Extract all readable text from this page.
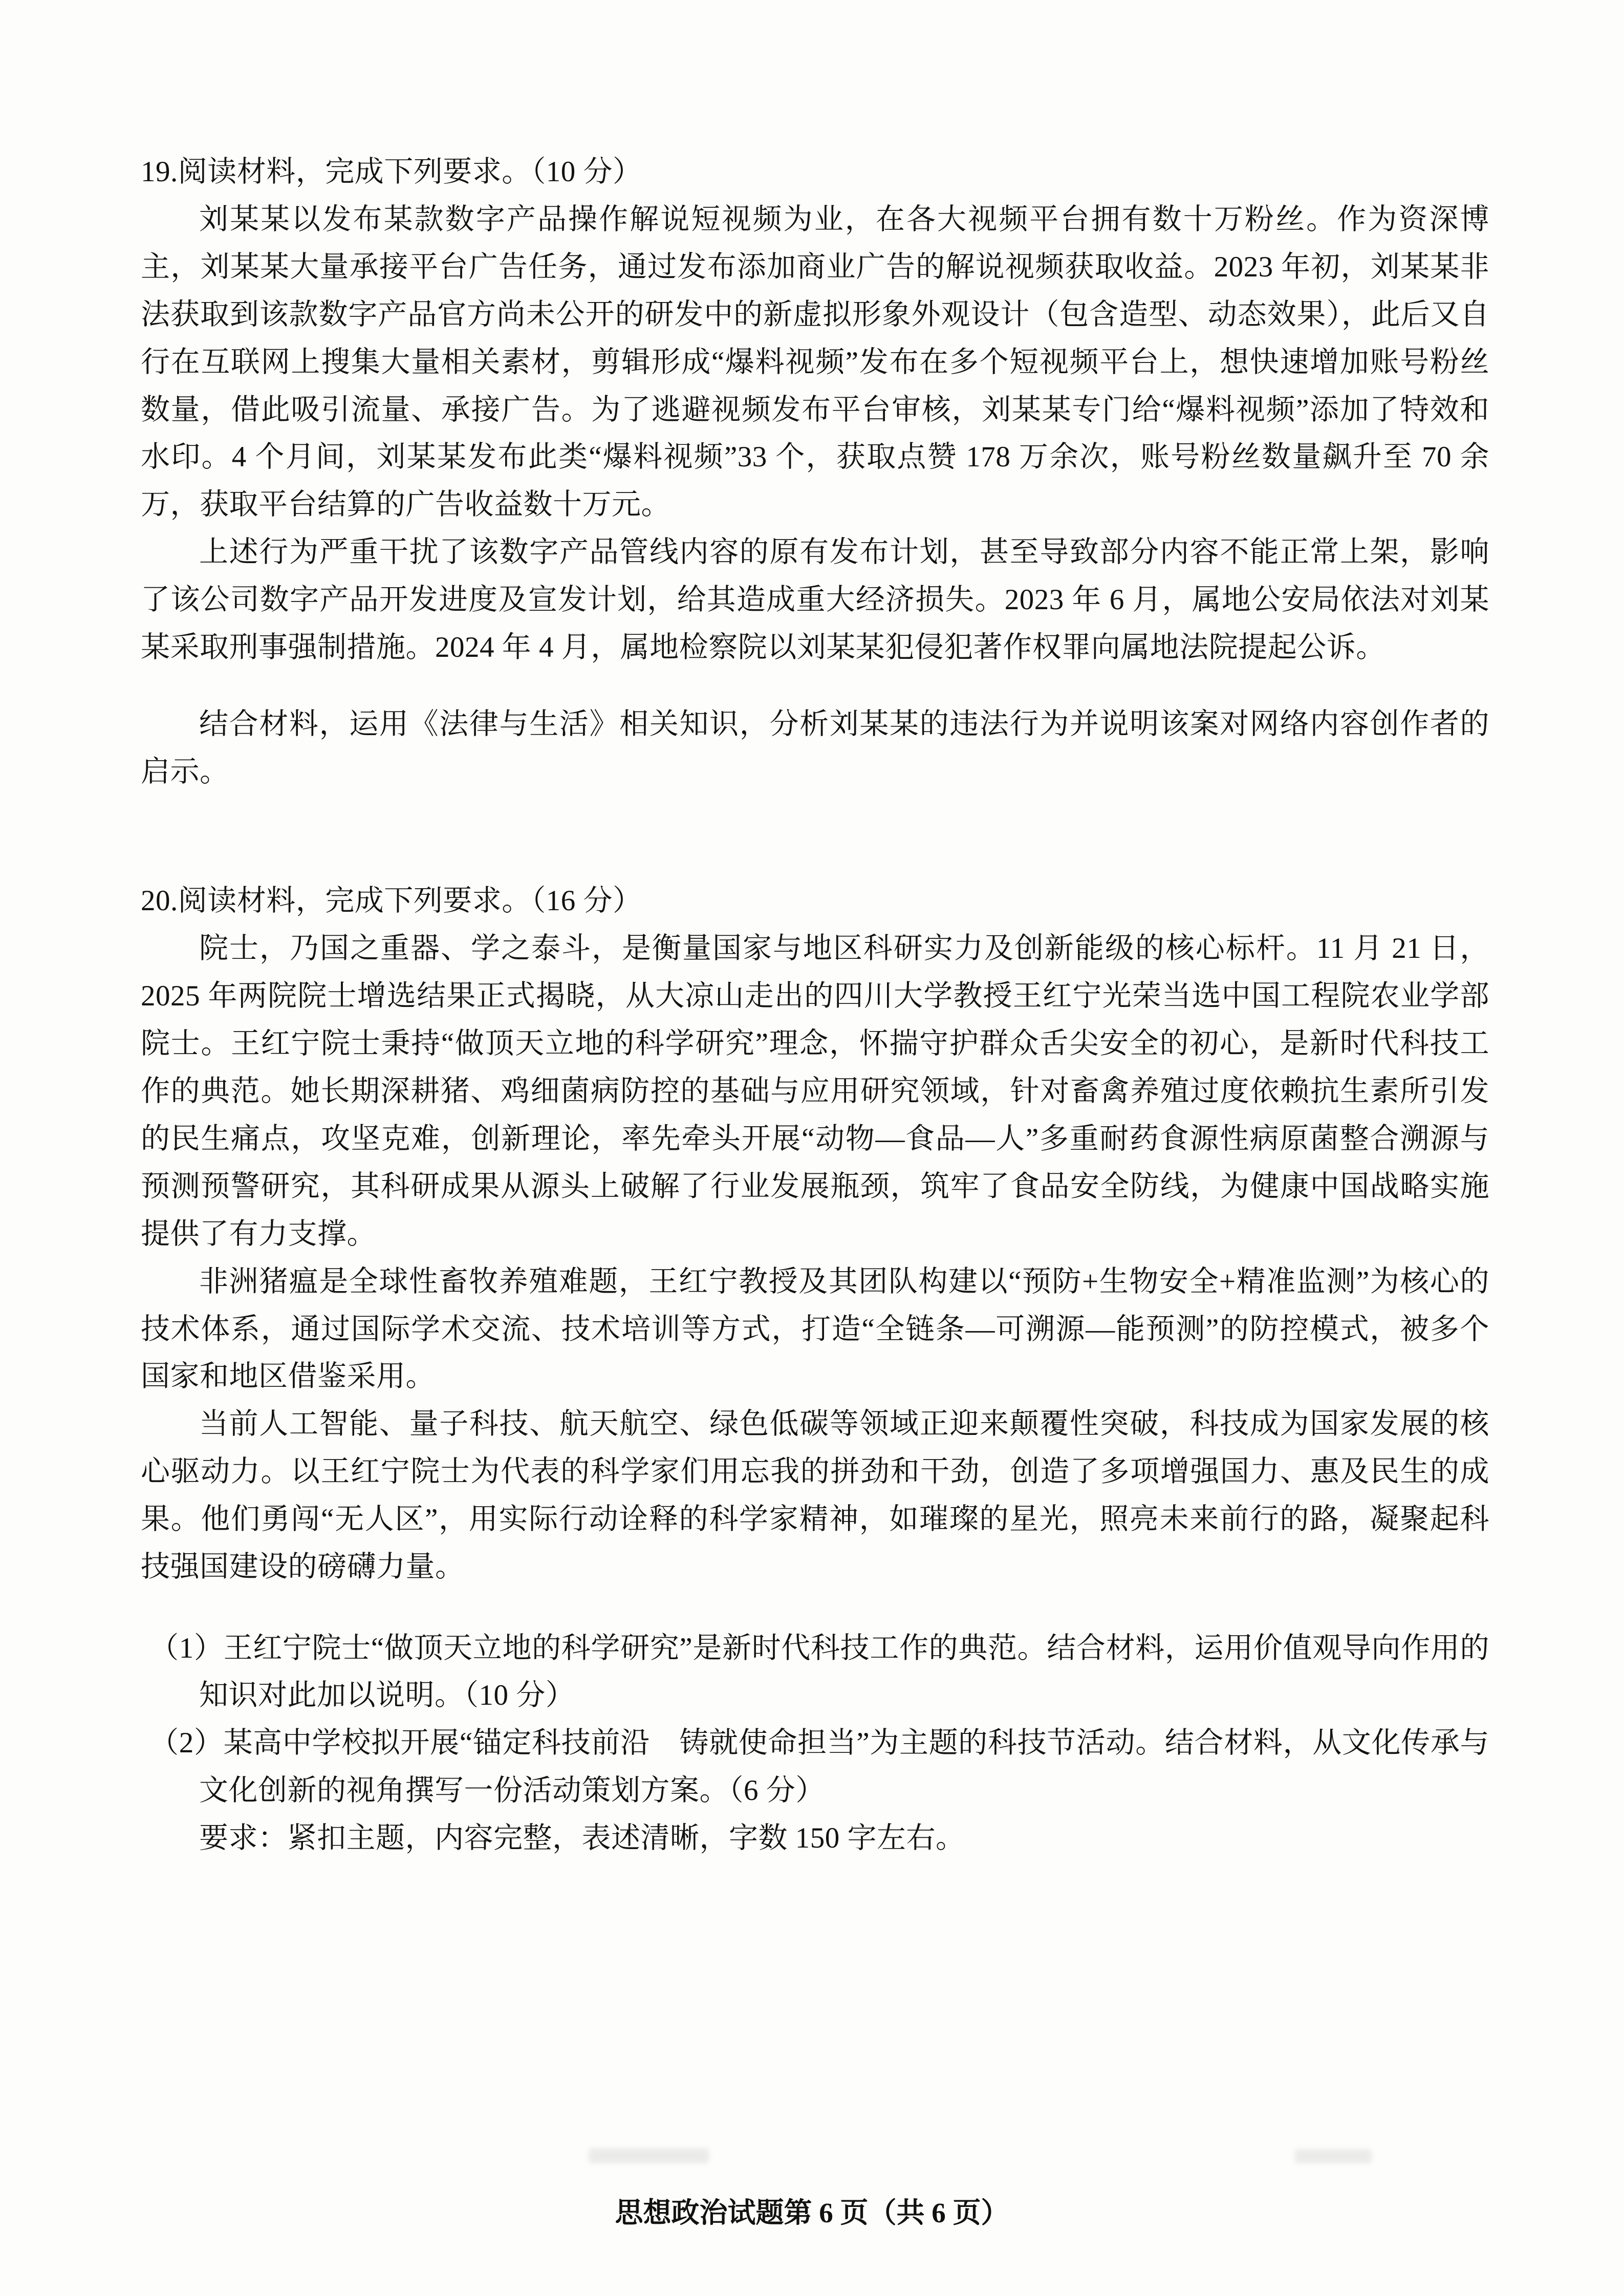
19.阅读材料，完成下列要求。（10 分）

刘某某以发布某款数字产品操作解说短视频为业，在各大视频平台拥有数十万粉丝。作为资深博主，刘某某大量承接平台广告任务，通过发布添加商业广告的解说视频获取收益。2023 年初，刘某某非法获取到该款数字产品官方尚未公开的研发中的新虚拟形象外观设计（包含造型、动态效果），此后又自行在互联网上搜集大量相关素材，剪辑形成“爆料视频”发布在多个短视频平台上，想快速增加账号粉丝数量，借此吸引流量、承接广告。为了逃避视频发布平台审核，刘某某专门给“爆料视频”添加了特效和水印。4 个月间，刘某某发布此类“爆料视频”33 个，获取点赞 178 万余次，账号粉丝数量飙升至 70 余万，获取平台结算的广告收益数十万元。

上述行为严重干扰了该数字产品管线内容的原有发布计划，甚至导致部分内容不能正常上架，影响了该公司数字产品开发进度及宣发计划，给其造成重大经济损失。2023 年 6 月，属地公安局依法对刘某某采取刑事强制措施。2024 年 4 月，属地检察院以刘某某犯侵犯著作权罪向属地法院提起公诉。

结合材料，运用《法律与生活》相关知识，分析刘某某的违法行为并说明该案对网络内容创作者的启示。

20.阅读材料，完成下列要求。（16 分）

院士，乃国之重器、学之泰斗，是衡量国家与地区科研实力及创新能级的核心标杆。11 月 21 日，2025 年两院院士增选结果正式揭晓，从大凉山走出的四川大学教授王红宁光荣当选中国工程院农业学部院士。王红宁院士秉持“做顶天立地的科学研究”理念，怀揣守护群众舌尖安全的初心，是新时代科技工作的典范。她长期深耕猪、鸡细菌病防控的基础与应用研究领域，针对畜禽养殖过度依赖抗生素所引发的民生痛点，攻坚克难，创新理论，率先牵头开展“动物—食品—人”多重耐药食源性病原菌整合溯源与预测预警研究，其科研成果从源头上破解了行业发展瓶颈，筑牢了食品安全防线，为健康中国战略实施提供了有力支撑。

非洲猪瘟是全球性畜牧养殖难题，王红宁教授及其团队构建以“预防+生物安全+精准监测”为核心的技术体系，通过国际学术交流、技术培训等方式，打造“全链条—可溯源—能预测”的防控模式，被多个国家和地区借鉴采用。

当前人工智能、量子科技、航天航空、绿色低碳等领域正迎来颠覆性突破，科技成为国家发展的核心驱动力。以王红宁院士为代表的科学家们用忘我的拼劲和干劲，创造了多项增强国力、惠及民生的成果。他们勇闯“无人区”，用实际行动诠释的科学家精神，如璀璨的星光，照亮未来前行的路，凝聚起科技强国建设的磅礴力量。

（1）王红宁院士“做顶天立地的科学研究”是新时代科技工作的典范。结合材料，运用价值观导向作用的知识对此加以说明。（10 分）

（2）某高中学校拟开展“锚定科技前沿　铸就使命担当”为主题的科技节活动。结合材料，从文化传承与文化创新的视角撰写一份活动策划方案。（6 分）

要求：紧扣主题，内容完整，表述清晰，字数 150 字左右。

思想政治试题第 6 页（共 6 页）
